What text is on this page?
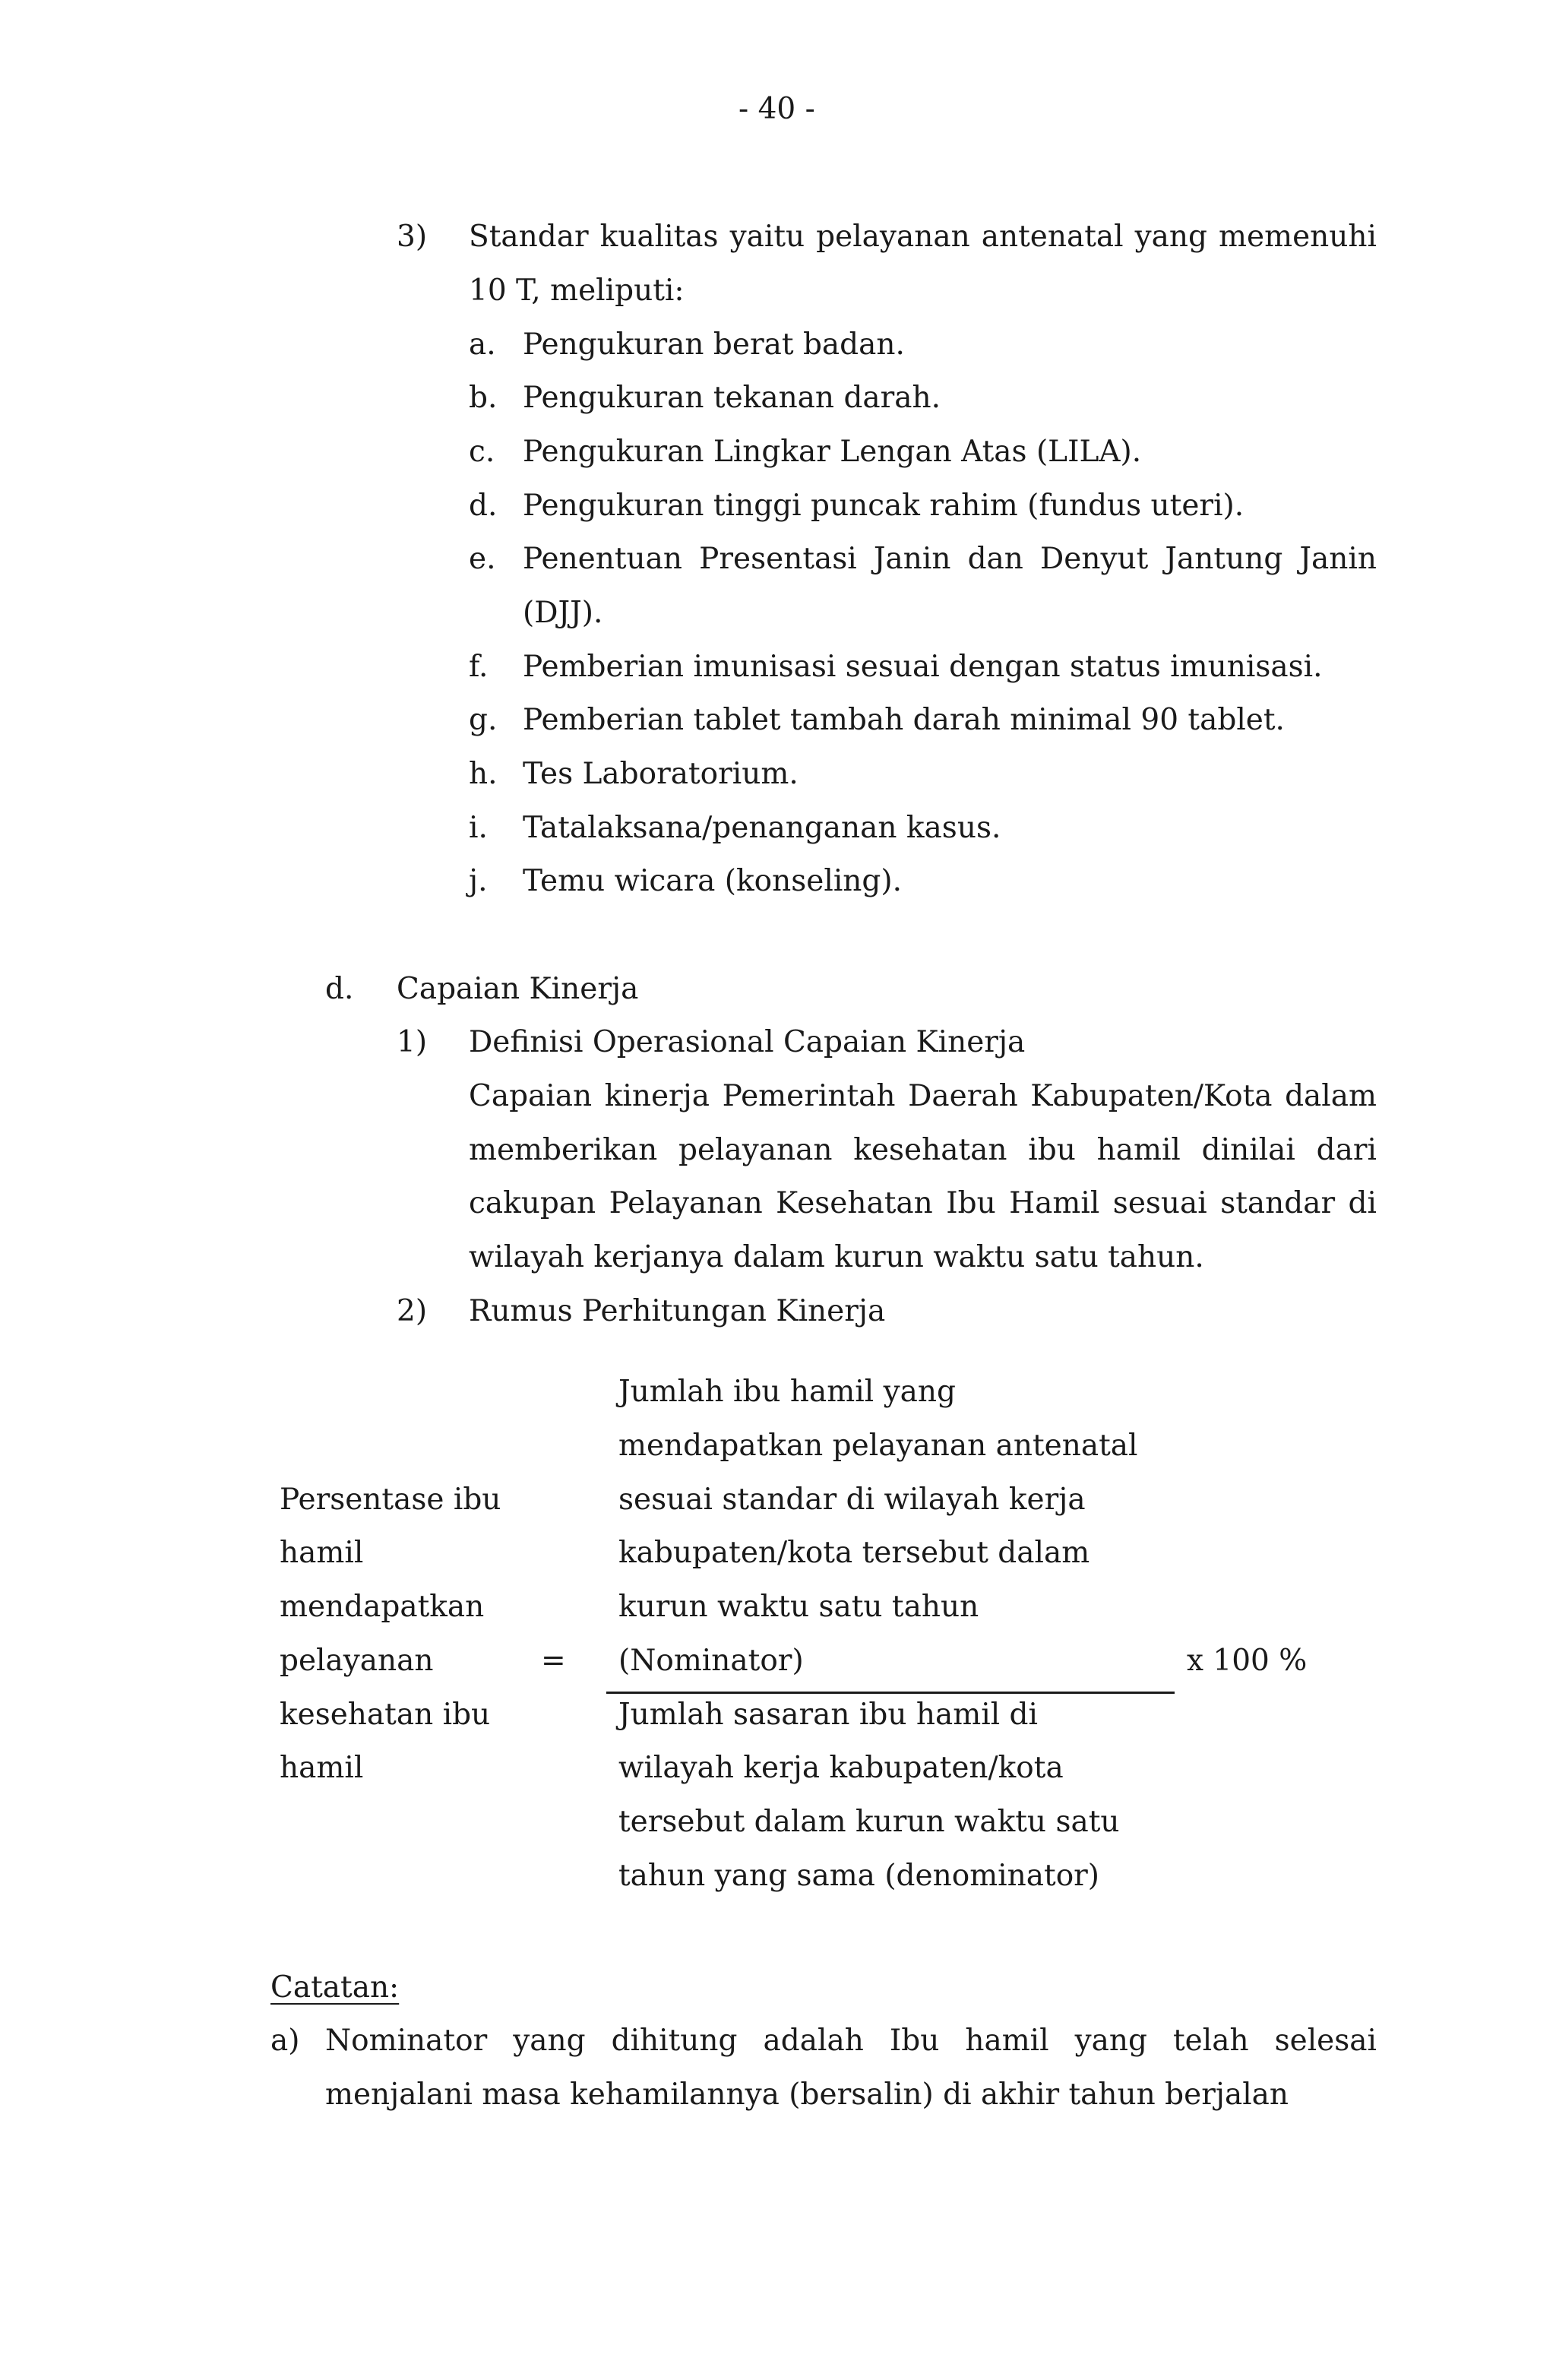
- 40 -
3) Standar kualitas yaitu pelayanan antenatal yang memenuhi
10 T, meliputi:
a. Pengukuran berat badan.
b. Pengukuran tekanan darah.
c. Pengukuran Lingkar Lengan Atas (LILA).
d. Pengukuran tinggi puncak rahim (fundus uteri).
e. Penentuan Presentasi Janin dan Denyut Jantung Janin
(DJJ).
f. Pemberian imunisasi sesuai dengan status imunisasi.
g. Pemberian tablet tambah darah minimal 90 tablet.
h. Tes Laboratorium.
i. Tatalaksana/penanganan kasus.
j. Temu wicara (konseling).
d. Capaian Kinerja
1) Definisi Operasional Capaian Kinerja
Capaian kinerja Pemerintah Daerah Kabupaten/Kota dalam
memberikan pelayanan kesehatan ibu hamil dinilai dari
cakupan Pelayanan Kesehatan Ibu Hamil sesuai standar di
wilayah kerjanya dalam kurun waktu satu tahun.
2) Rumus Perhitungan Kinerja
Persentase ibu
hamil
mendapatkan
pelayanan
kesehatan ibu
hamil
=
Jumlah ibu hamil yang
mendapatkan pelayanan antenatal
sesuai standar di wilayah kerja
kabupaten/kota tersebut dalam
kurun waktu satu tahun
(Nominator)
Jumlah sasaran ibu hamil di
wilayah kerja kabupaten/kota
tersebut dalam kurun waktu satu
tahun yang sama (denominator)
x 100 %
Catatan:
a) Nominator yang dihitung adalah Ibu hamil yang telah selesai
menjalani masa kehamilannya (bersalin) di akhir tahun berjalan
